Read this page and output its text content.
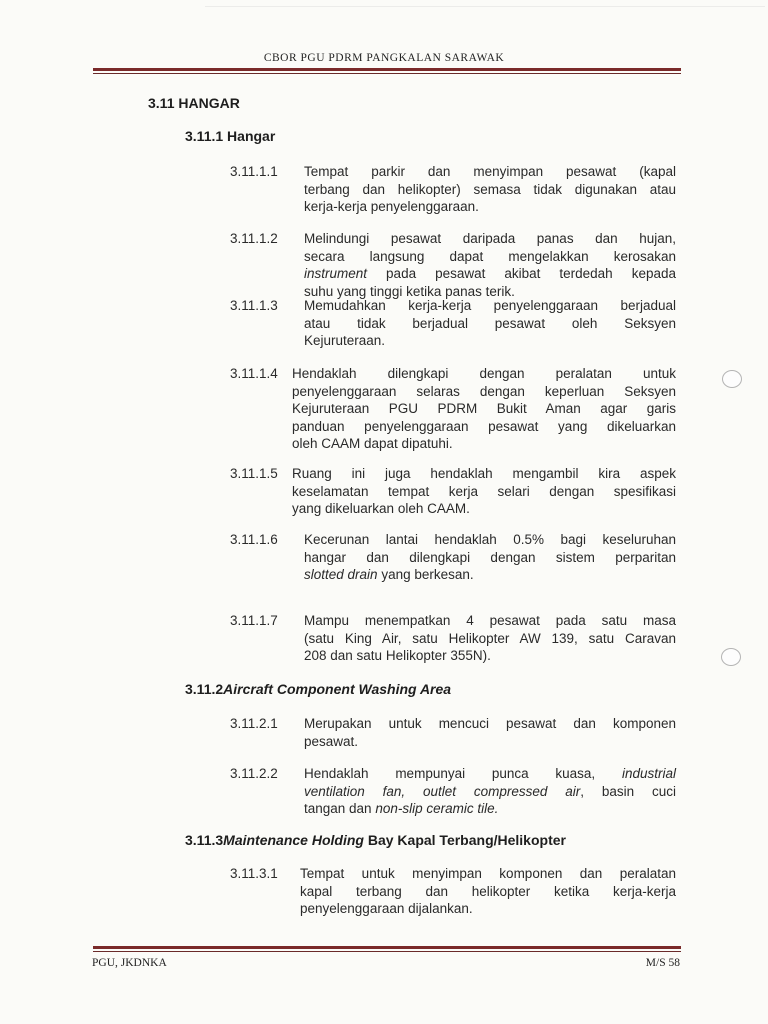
CBOR PGU PDRM PANGKALAN SARAWAK
3.11 HANGAR
3.11.1 Hangar
3.11.1.1 Tempat parkir dan menyimpan pesawat (kapal
terbang dan helikopter) semasa tidak digunakan atau
kerja-kerja penyelenggaraan.
3.11.1.2 Melindungi pesawat daripada panas dan hujan,
secara langsung dapat mengelakkan kerosakan
instrument pada pesawat akibat terdedah kepada
suhu yang tinggi ketika panas terik.
3.11.1.3 Memudahkan kerja-kerja penyelenggaraan berjadual
atau tidak berjadual pesawat oleh Seksyen
Kejuruteraan.
3.11.1.4 Hendaklah dilengkapi dengan peralatan untuk
penyelenggaraan selaras dengan keperluan Seksyen
Kejuruteraan PGU PDRM Bukit Aman agar garis
panduan penyelenggaraan pesawat yang dikeluarkan
oleh CAAM dapat dipatuhi.
3.11.1.5 Ruang ini juga hendaklah mengambil kira aspek
keselamatan tempat kerja selari dengan spesifikasi
yang dikeluarkan oleh CAAM.
3.11.1.6 Kecerunan lantai hendaklah 0.5% bagi keseluruhan
hangar dan dilengkapi dengan sistem perparitan
slotted drain yang berkesan.
3.11.1.7 Mampu menempatkan 4 pesawat pada satu masa
(satu King Air, satu Helikopter AW 139, satu Caravan
208 dan satu Helikopter 355N).
3.11.2Aircraft Component Washing Area
3.11.2.1 Merupakan untuk mencuci pesawat dan komponen
pesawat.
3.11.2.2 Hendaklah mempunyai punca kuasa, industrial
ventilation fan, outlet compressed air, basin cuci
tangan dan non-slip ceramic tile.
3.11.3Maintenance Holding Bay Kapal Terbang/Helikopter
3.11.3.1 Tempat untuk menyimpan komponen dan peralatan
kapal terbang dan helikopter ketika kerja-kerja
penyelenggaraan dijalankan.
PGU, JKDNKA	M/S 58
